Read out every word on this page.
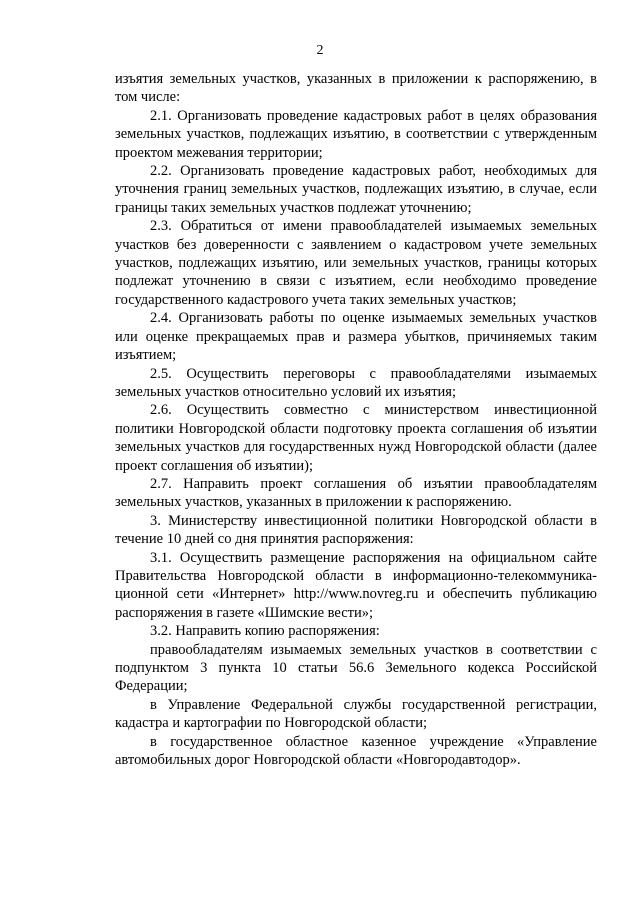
2

изъятия земельных участков, указанных в приложении к распоряжению, в том числе:

2.1. Организовать проведение кадастровых работ в целях образования земельных участков, подлежащих изъятию, в соответствии с утвержденным проектом межевания территории;

2.2. Организовать проведение кадастровых работ, необходимых для уточнения границ земельных участков, подлежащих изъятию, в случае, если границы таких земельных участков подлежат уточнению;

2.3. Обратиться от имени правообладателей изымаемых земельных участков без доверенности с заявлением о кадастровом учете земельных участков, подлежащих изъятию, или земельных участков, границы которых подлежат уточнению в связи с изъятием, если необходимо проведение государственного кадастрового учета таких земельных участков;

2.4. Организовать работы по оценке изымаемых земельных участков или оценке прекращаемых прав и размера убытков, причиняемых таким изъятием;

2.5. Осуществить переговоры с правообладателями изымаемых земельных участков относительно условий их изъятия;

2.6. Осуществить совместно с министерством инвестиционной политики Новгородской области подготовку проекта соглашения об изъятии земельных участков для государственных нужд Новгородской области (далее проект соглашения об изъятии);

2.7. Направить проект соглашения об изъятии правообладателям земельных участков, указанных в приложении к распоряжению.

3. Министерству инвестиционной политики Новгородской области в течение 10 дней со дня принятия распоряжения:

3.1. Осуществить размещение распоряжения на официальном сайте Правительства Новгородской области в информационно-телекоммуника-ционной сети «Интернет» http://www.novreg.ru и обеспечить публикацию распоряжения в газете «Шимские вести»;

3.2. Направить копию распоряжения:

правообладателям изымаемых земельных участков в соответствии с подпунктом 3 пункта 10 статьи 56.6 Земельного кодекса Российской Федерации;

в Управление Федеральной службы государственной регистрации, кадастра и картографии по Новгородской области;

в государственное областное казенное учреждение «Управление автомобильных дорог Новгородской области «Новгородавтодор».
